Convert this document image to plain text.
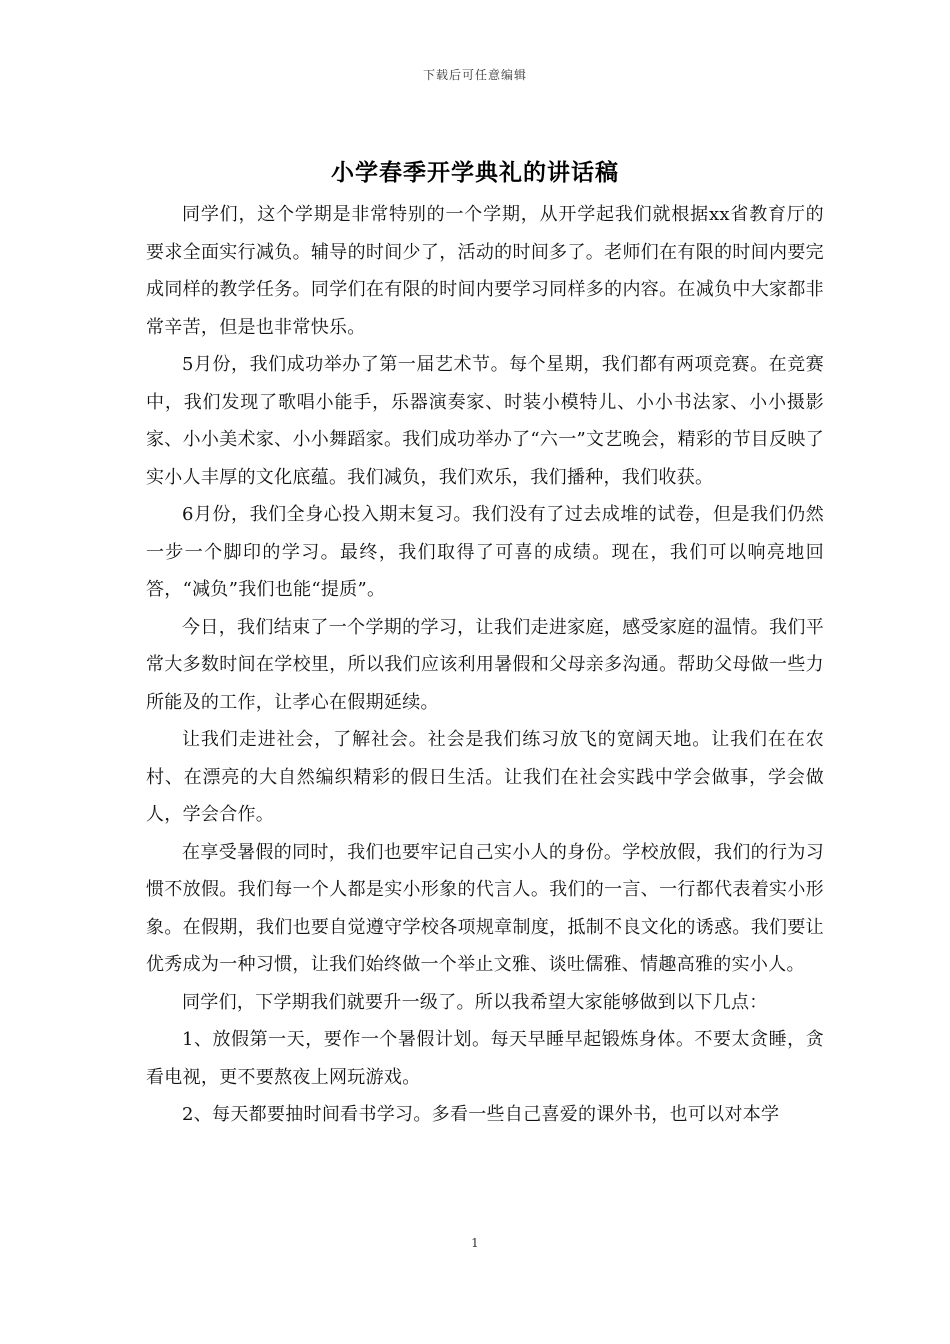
下载后可任意编辑
小学春季开学典礼的讲话稿

同学们，这个学期是非常特别的一个学期，从开学起我们就根据xx省教育厅的要求全面实行减负。辅导的时间少了，活动的时间多了。老师们在有限的时间内要完成同样的教学任务。同学们在有限的时间内要学习同样多的内容。在减负中大家都非常辛苦，但是也非常快乐。

5月份，我们成功举办了第一届艺术节。每个星期，我们都有两项竞赛。在竞赛中，我们发现了歌唱小能手，乐器演奏家、时装小模特儿、小小书法家、小小摄影家、小小美术家、小小舞蹈家。我们成功举办了“六一”文艺晚会，精彩的节目反映了实小人丰厚的文化底蕴。我们减负，我们欢乐，我们播种，我们收获。

6月份，我们全身心投入期末复习。我们没有了过去成堆的试卷，但是我们仍然一步一个脚印的学习。最终，我们取得了可喜的成绩。现在，我们可以响亮地回答，“减负”我们也能“提质”。

今日，我们结束了一个学期的学习，让我们走进家庭，感受家庭的温情。我们平常大多数时间在学校里，所以我们应该利用暑假和父母亲多沟通。帮助父母做一些力所能及的工作，让孝心在假期延续。

让我们走进社会，了解社会。社会是我们练习放飞的宽阔天地。让我们在在农村、在漂亮的大自然编织精彩的假日生活。让我们在社会实践中学会做事，学会做人，学会合作。

在享受暑假的同时，我们也要牢记自己实小人的身份。学校放假，我们的行为习惯不放假。我们每一个人都是实小形象的代言人。我们的一言、一行都代表着实小形象。在假期，我们也要自觉遵守学校各项规章制度，抵制不良文化的诱惑。我们要让优秀成为一种习惯，让我们始终做一个举止文雅、谈吐儒雅、情趣高雅的实小人。

同学们，下学期我们就要升一级了。所以我希望大家能够做到以下几点：

1、放假第一天，要作一个暑假计划。每天早睡早起锻炼身体。不要太贪睡，贪看电视，更不要熬夜上网玩游戏。

2、每天都要抽时间看书学习。多看一些自己喜爱的课外书，也可以对本学

1
